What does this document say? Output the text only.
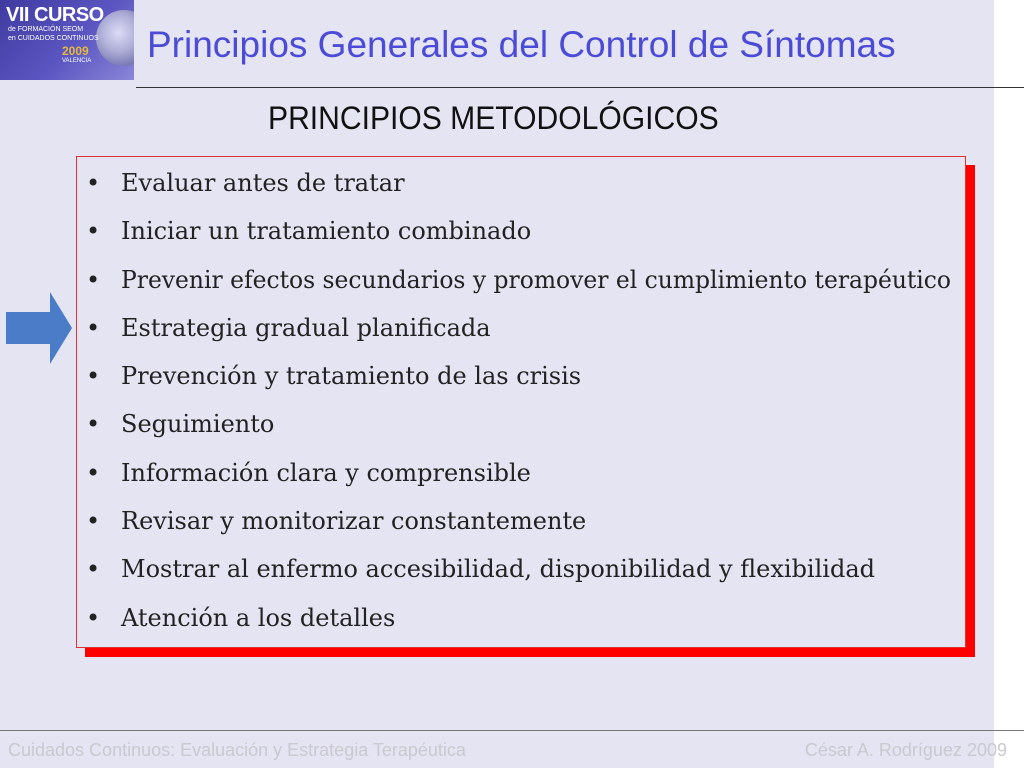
VII CURSO
de FORMACIÓN SEOM
en CUIDADOS CONTINUOS
2009
VALENCIA Principios Generales del Control de Síntomas
PRINCIPIOS METODOLÓGICOS
• Evaluar antes de tratar
• Iniciar un tratamiento combinado
• Prevenir efectos secundarios y promover el cumplimiento terapéutico
• Estrategia gradual planificada
• Prevención y tratamiento de las crisis
• Seguimiento
• Información clara y comprensible
• Revisar y monitorizar constantemente
• Mostrar al enfermo accesibilidad, disponibilidad y flexibilidad
• Atención a los detalles
Cuidados Continuos: Evaluación y Estrategia Terapéutica	César A. Rodríguez 2009
